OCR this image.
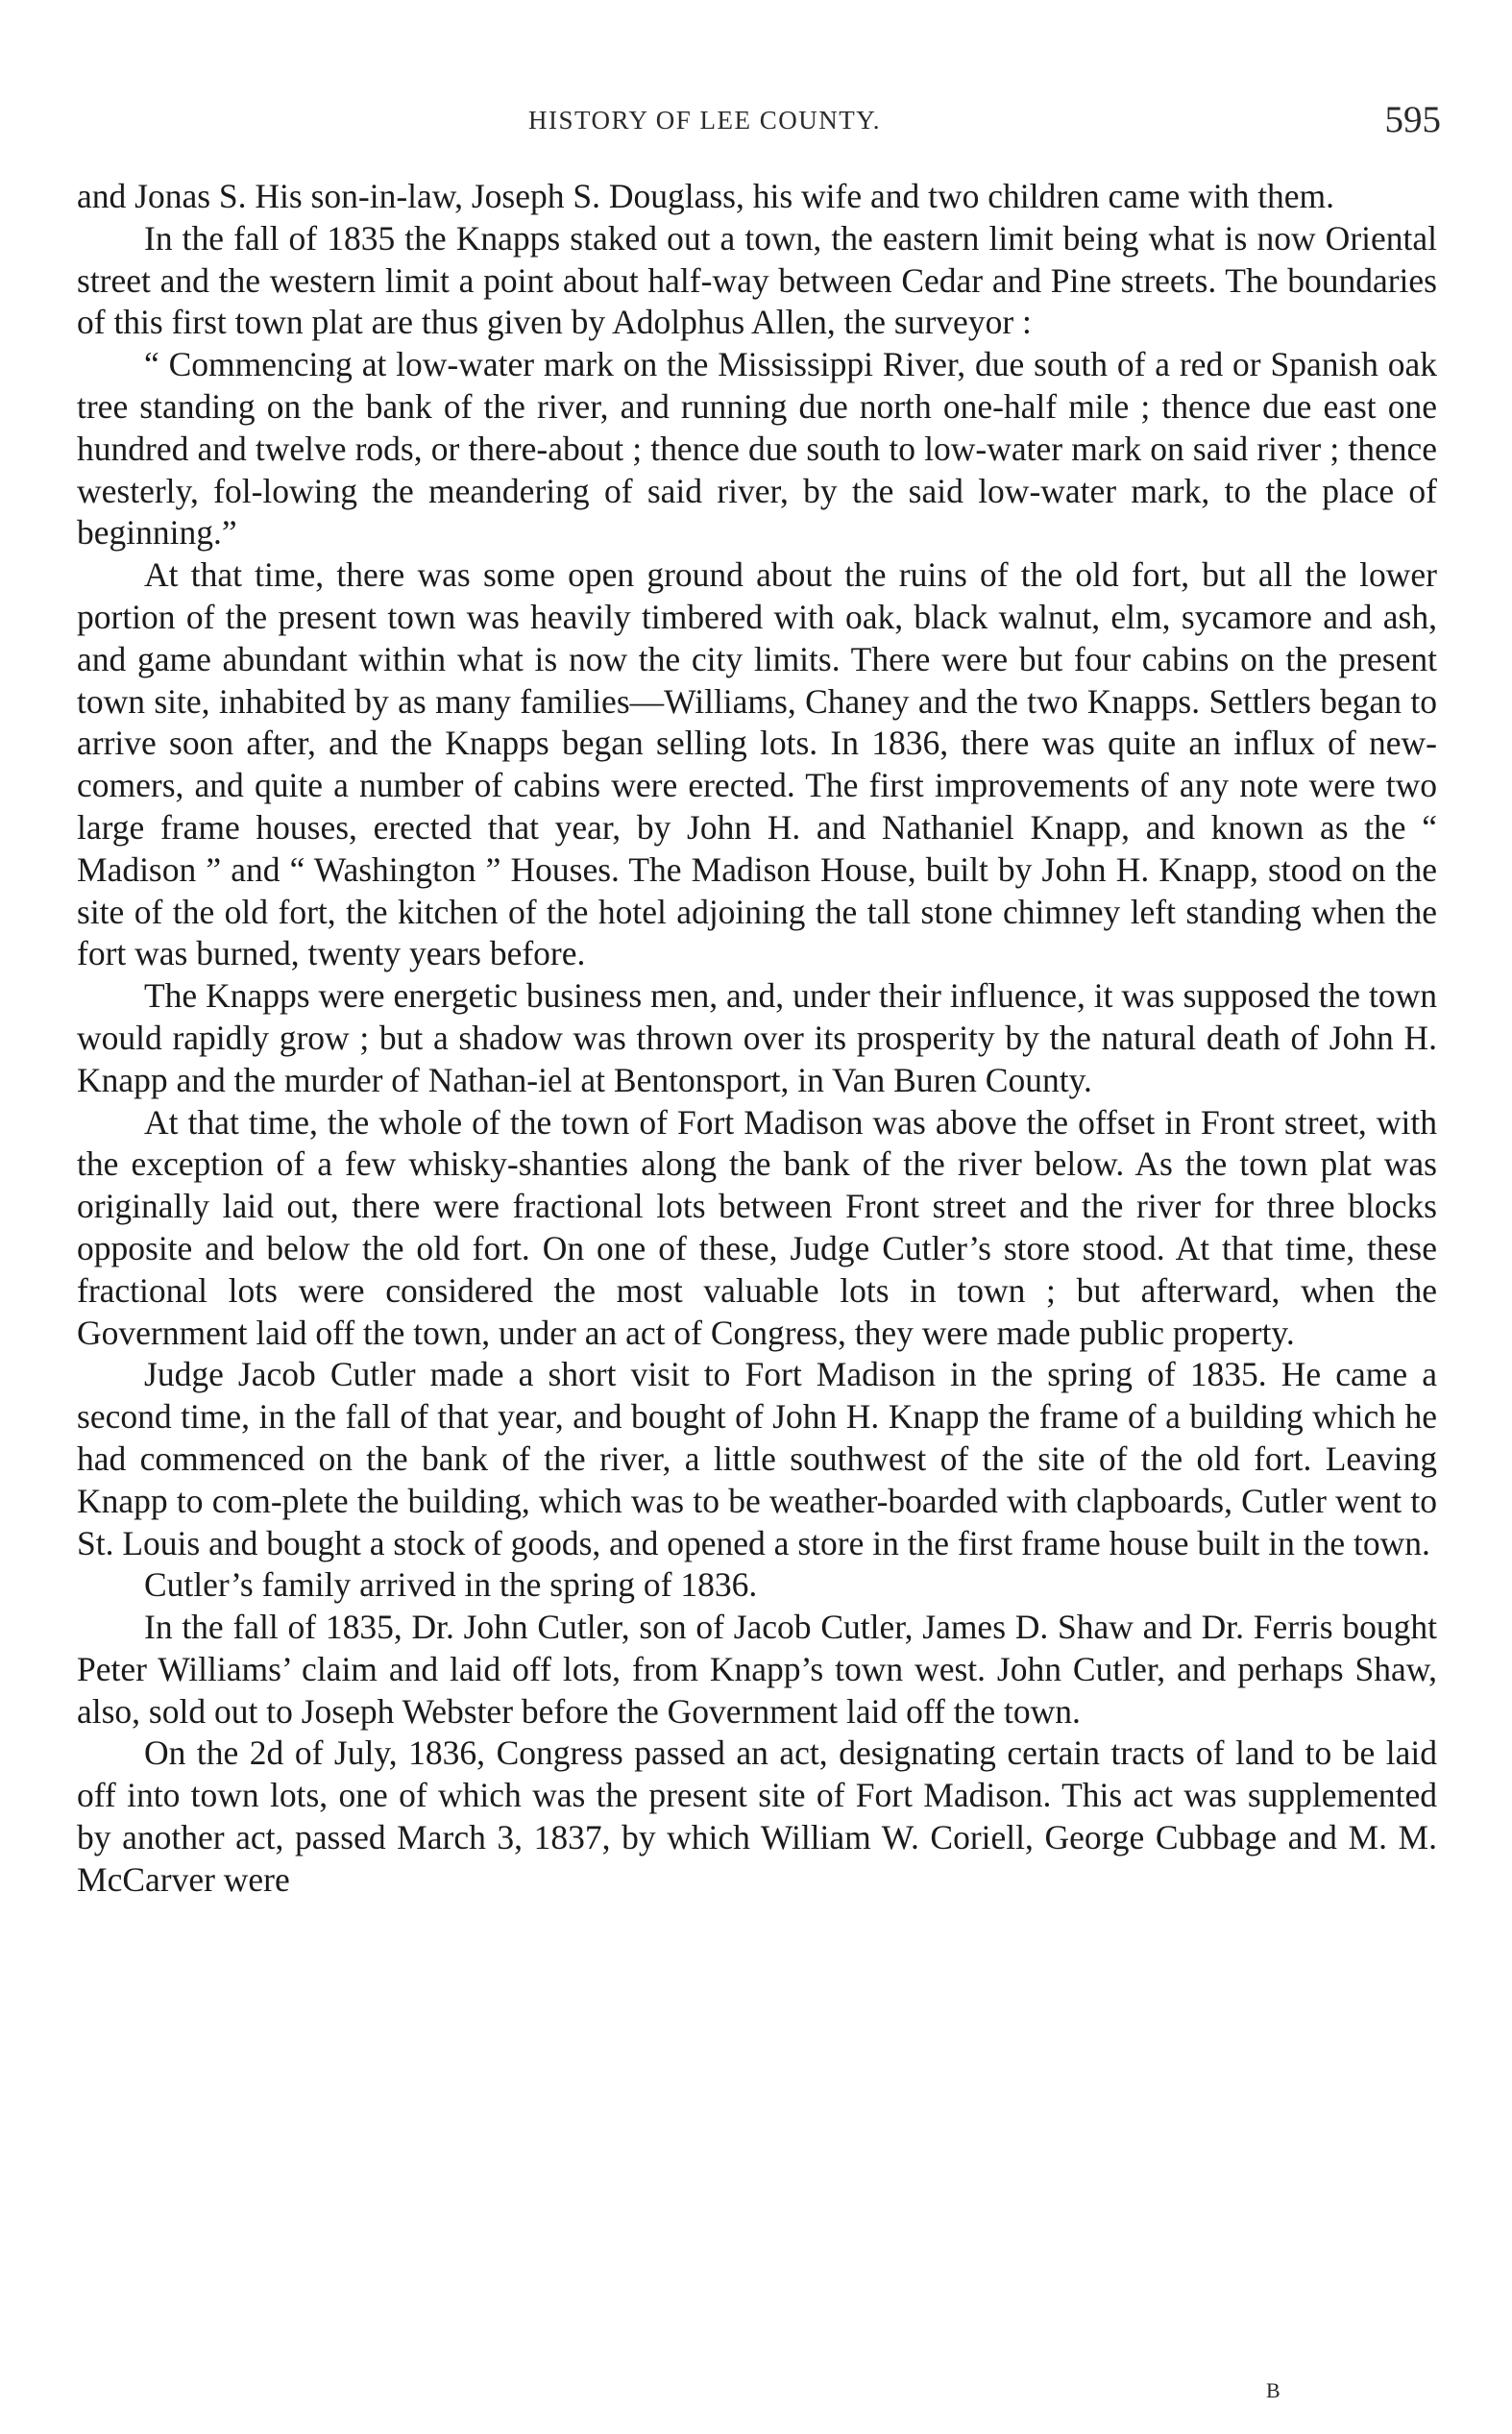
HISTORY OF LEE COUNTY.	595

and Jonas S. His son-in-law, Joseph S. Douglass, his wife and two children came with them.

In the fall of 1835 the Knapps staked out a town, the eastern limit being what is now Oriental street and the western limit a point about half-way between Cedar and Pine streets. The boundaries of this first town plat are thus given by Adolphus Allen, the surveyor :

“ Commencing at low-water mark on the Mississippi River, due south of a red or Spanish oak tree standing on the bank of the river, and running due north one-half mile ; thence due east one hundred and twelve rods, or there-about ; thence due south to low-water mark on said river ; thence westerly, fol-lowing the meandering of said river, by the said low-water mark, to the place of beginning.”

At that time, there was some open ground about the ruins of the old fort, but all the lower portion of the present town was heavily timbered with oak, black walnut, elm, sycamore and ash, and game abundant within what is now the city limits. There were but four cabins on the present town site, inhabited by as many families—Williams, Chaney and the two Knapps. Settlers began to arrive soon after, and the Knapps began selling lots. In 1836, there was quite an influx of new-comers, and quite a number of cabins were erected. The first improvements of any note were two large frame houses, erected that year, by John H. and Nathaniel Knapp, and known as the “ Madison ” and “ Washington ” Houses. The Madison House, built by John H. Knapp, stood on the site of the old fort, the kitchen of the hotel adjoining the tall stone chimney left standing when the fort was burned, twenty years before.

The Knapps were energetic business men, and, under their influence, it was supposed the town would rapidly grow ; but a shadow was thrown over its prosperity by the natural death of John H. Knapp and the murder of Nathan-iel at Bentonsport, in Van Buren County.

At that time, the whole of the town of Fort Madison was above the offset in Front street, with the exception of a few whisky-shanties along the bank of the river below. As the town plat was originally laid out, there were fractional lots between Front street and the river for three blocks opposite and below the old fort. On one of these, Judge Cutler’s store stood. At that time, these fractional lots were considered the most valuable lots in town ; but afterward, when the Government laid off the town, under an act of Congress, they were made public property.

Judge Jacob Cutler made a short visit to Fort Madison in the spring of 1835. He came a second time, in the fall of that year, and bought of John H. Knapp the frame of a building which he had commenced on the bank of the river, a little southwest of the site of the old fort. Leaving Knapp to com-plete the building, which was to be weather-boarded with clapboards, Cutler went to St. Louis and bought a stock of goods, and opened a store in the first frame house built in the town.

Cutler’s family arrived in the spring of 1836.

In the fall of 1835, Dr. John Cutler, son of Jacob Cutler, James D. Shaw and Dr. Ferris bought Peter Williams’ claim and laid off lots, from Knapp’s town west. John Cutler, and perhaps Shaw, also, sold out to Joseph Webster before the Government laid off the town.

On the 2d of July, 1836, Congress passed an act, designating certain tracts of land to be laid off into town lots, one of which was the present site of Fort Madison. This act was supplemented by another act, passed March 3, 1837, by which William W. Coriell, George Cubbage and M. M. McCarver were

B
